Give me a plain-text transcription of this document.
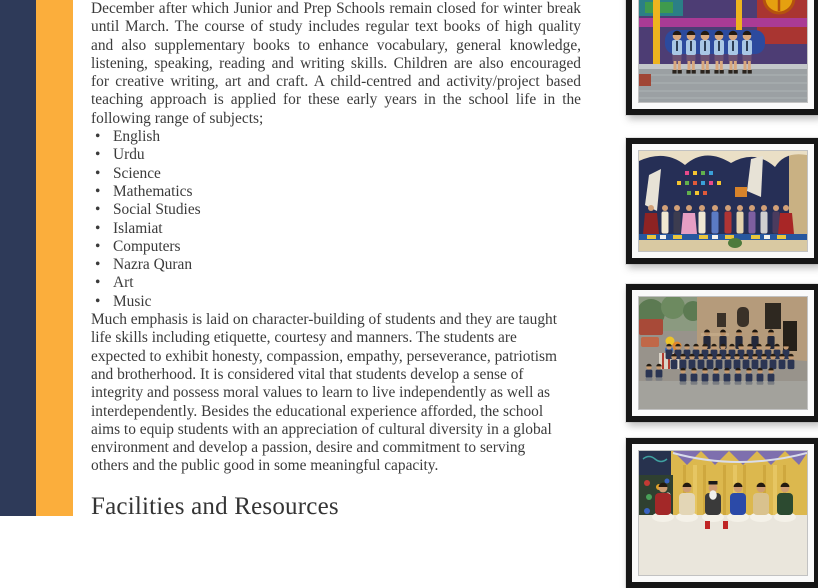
December after which Junior and Prep Schools remain closed for winter break
until March. The course of study includes regular text books of high quality
and also supplementary books to enhance vocabulary, general knowledge,
listening, speaking, reading and writing skills. Children are also encouraged
for creative writing, art and craft. A child-centred and activity/project based
teaching approach is applied for these early years in the school life in the
following range of subjects;
• English
• Urdu
• Science
• Mathematics
• Social Studies
• Islamiat
• Computers
• Nazra Quran
• Art
• Music
Much emphasis is laid on character-building of students and they are taught
life skills including etiquette, courtesy and manners. The students are
expected to exhibit honesty, compassion, empathy, perseverance, patriotism
and brotherhood. It is considered vital that students develop a sense of
integrity and possess moral values to learn to live independently as well as
interdependently. Besides the educational experience afforded, the school
aims to equip students with an appreciation of cultural diversity in a global
environment and develop a passion, desire and commitment to serving
others and the public good in some meaningful capacity.
Facilities and Resources
